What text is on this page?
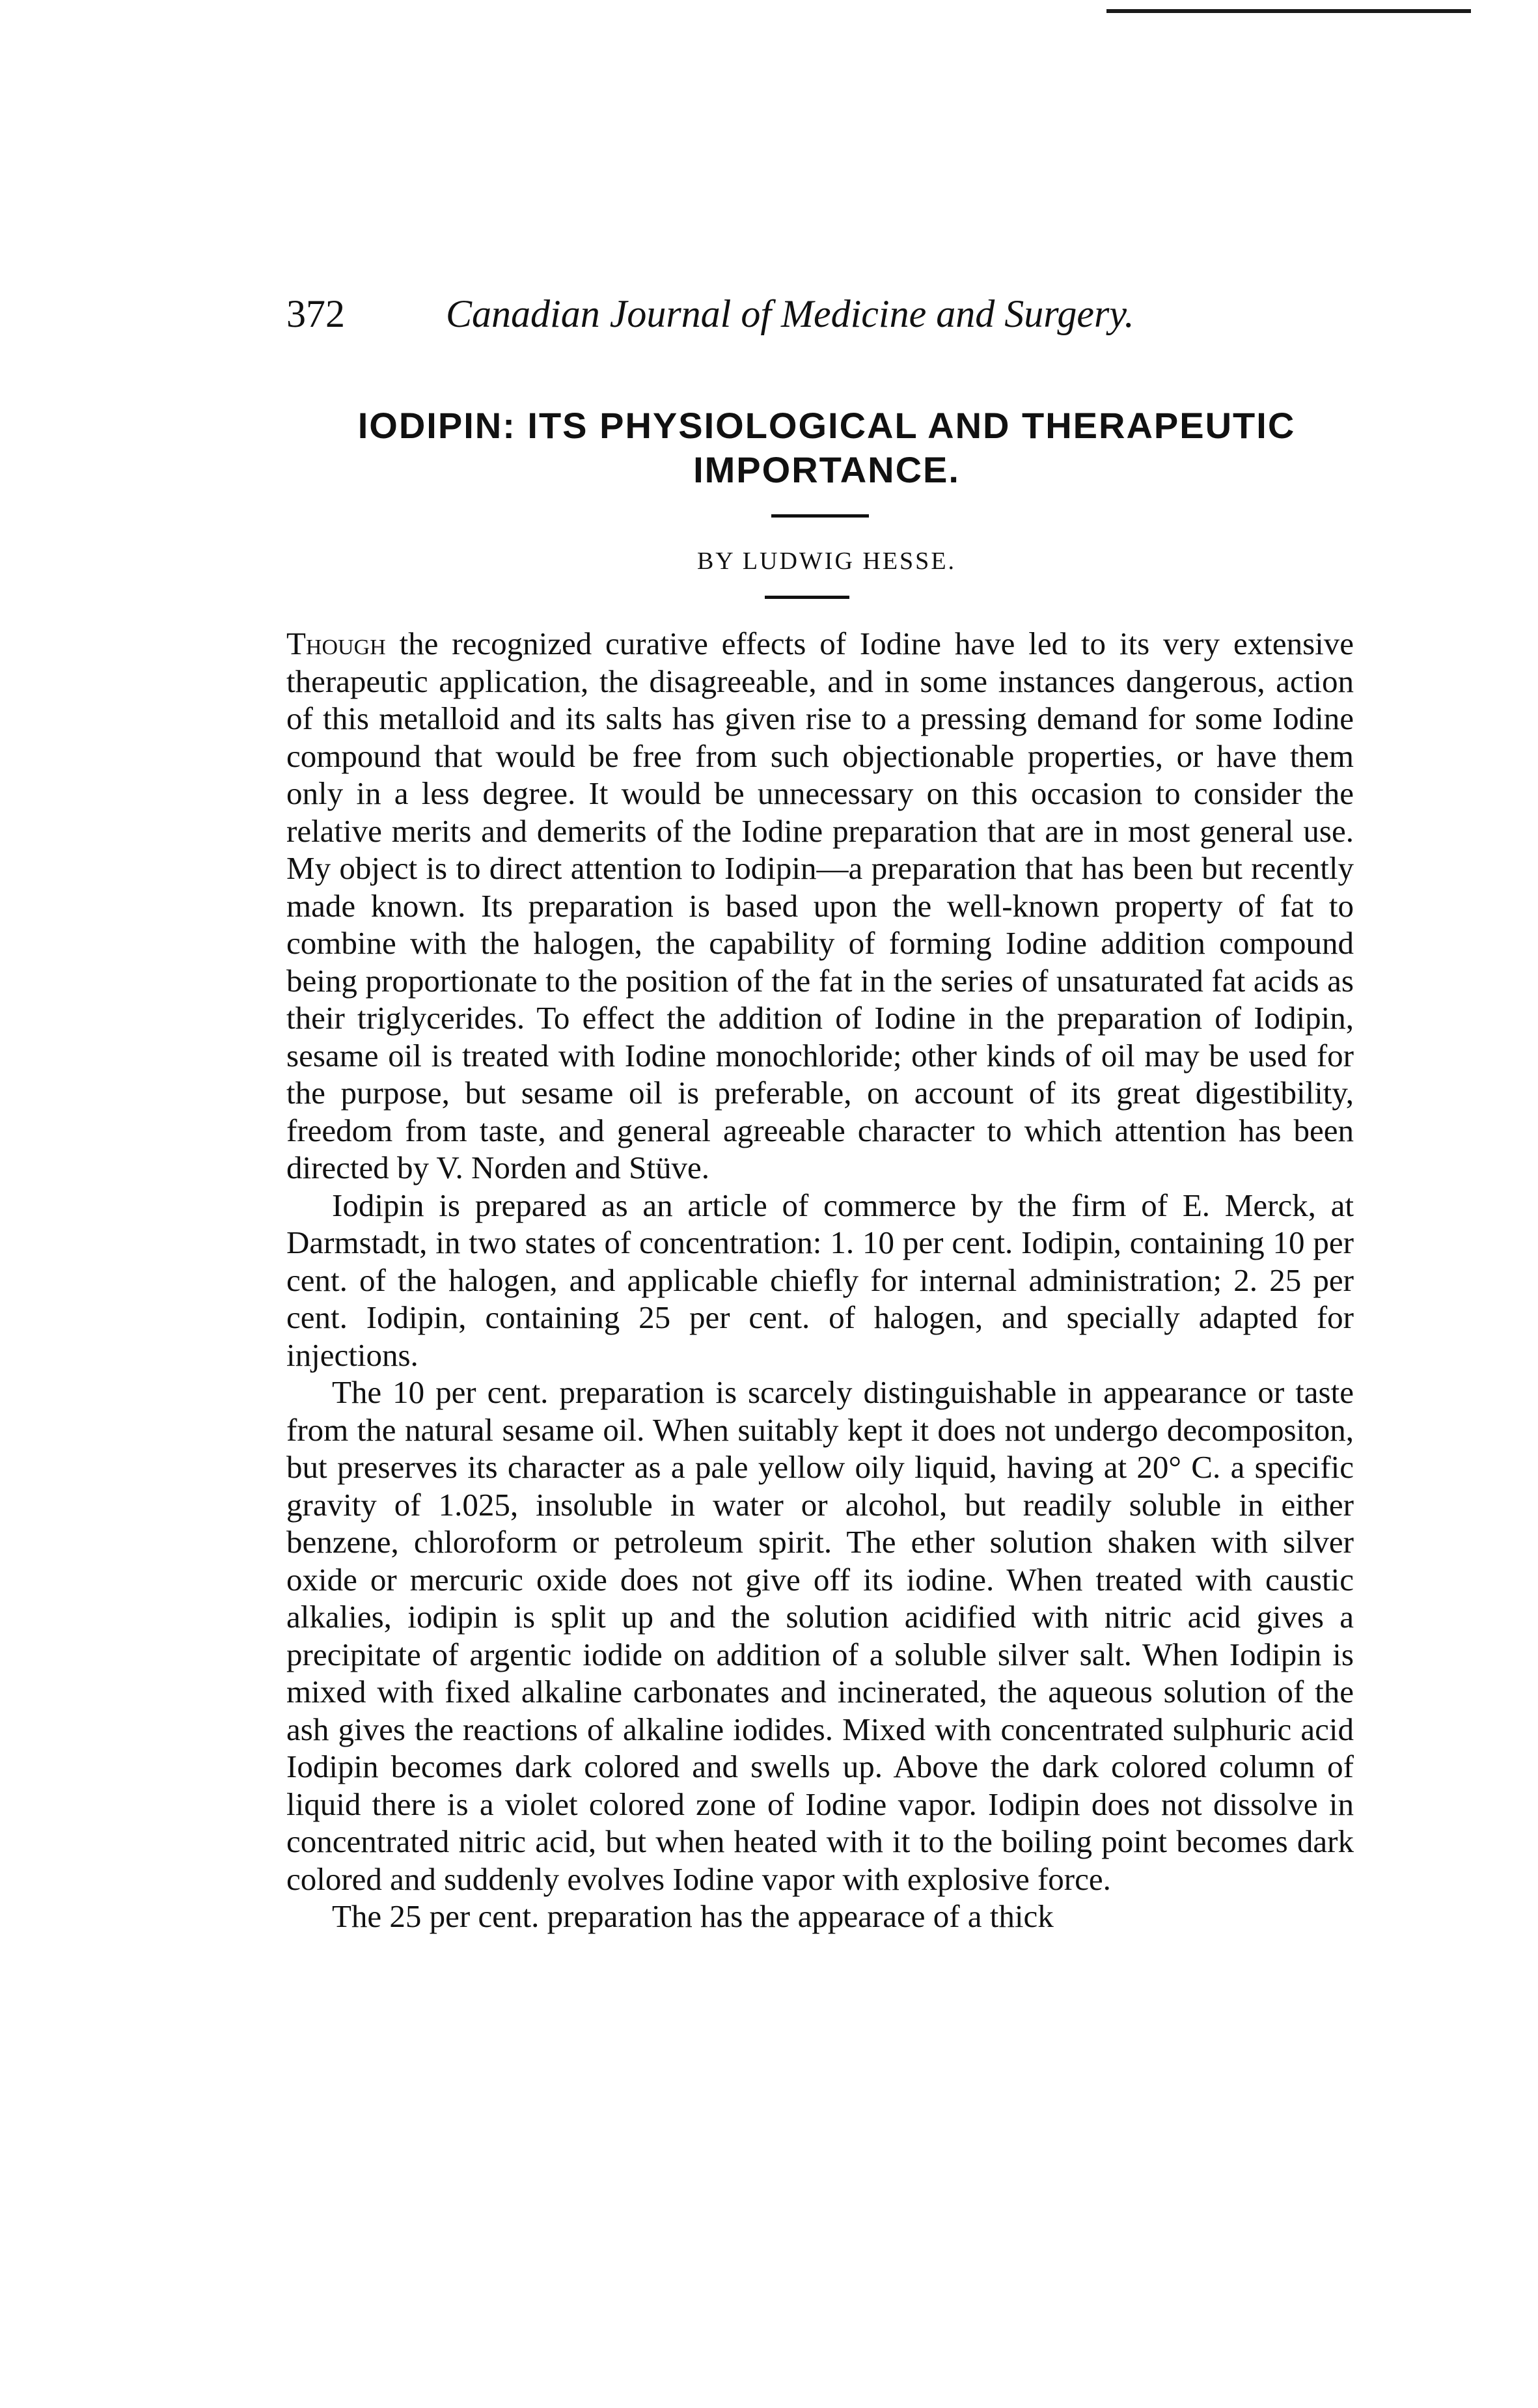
372	Canadian Journal of Medicine and Surgery.
IODIPIN: ITS PHYSIOLOGICAL AND THERAPEUTIC
IMPORTANCE.
BY LUDWIG HESSE.

Though the recognized curative effects of Iodine have led to its very extensive therapeutic application, the disagreeable, and in some instances dangerous, action of this metalloid and its salts has given rise to a pressing demand for some Iodine compound that would be free from such objectionable properties, or have them only in a less degree. It would be unnecessary on this occasion to consider the relative merits and demerits of the Iodine preparation that are in most general use. My object is to direct attention to Iodipin—a preparation that has been but recently made known. Its preparation is based upon the well-known property of fat to combine with the halogen, the capability of forming Iodine addition compound being proportionate to the position of the fat in the series of unsaturated fat acids as their triglycerides. To effect the addition of Iodine in the preparation of Iodipin, sesame oil is treated with Iodine monochloride; other kinds of oil may be used for the purpose, but sesame oil is preferable, on account of its great digestibility, freedom from taste, and general agreeable character to which attention has been directed by V. Norden and Stüve.

Iodipin is prepared as an article of commerce by the firm of E. Merck, at Darmstadt, in two states of concentration: 1. 10 per cent. Iodipin, containing 10 per cent. of the halogen, and applicable chiefly for internal administration; 2. 25 per cent. Iodipin, containing 25 per cent. of halogen, and specially adapted for injections.

The 10 per cent. preparation is scarcely distinguishable in appearance or taste from the natural sesame oil. When suitably kept it does not undergo decompositon, but preserves its character as a pale yellow oily liquid, having at 20° C. a specific gravity of 1.025, insoluble in water or alcohol, but readily soluble in either benzene, chloroform or petroleum spirit. The ether solution shaken with silver oxide or mercuric oxide does not give off its iodine. When treated with caustic alkalies, iodipin is split up and the solution acidified with nitric acid gives a precipitate of argentic iodide on addition of a soluble silver salt. When Iodipin is mixed with fixed alkaline carbonates and incinerated, the aqueous solution of the ash gives the reactions of alkaline iodides. Mixed with concentrated sulphuric acid Iodipin becomes dark colored and swells up. Above the dark colored column of liquid there is a violet colored zone of Iodine vapor. Iodipin does not dissolve in concentrated nitric acid, but when heated with it to the boiling point becomes dark colored and suddenly evolves Iodine vapor with explosive force.

The 25 per cent. preparation has the appearace of a thick
